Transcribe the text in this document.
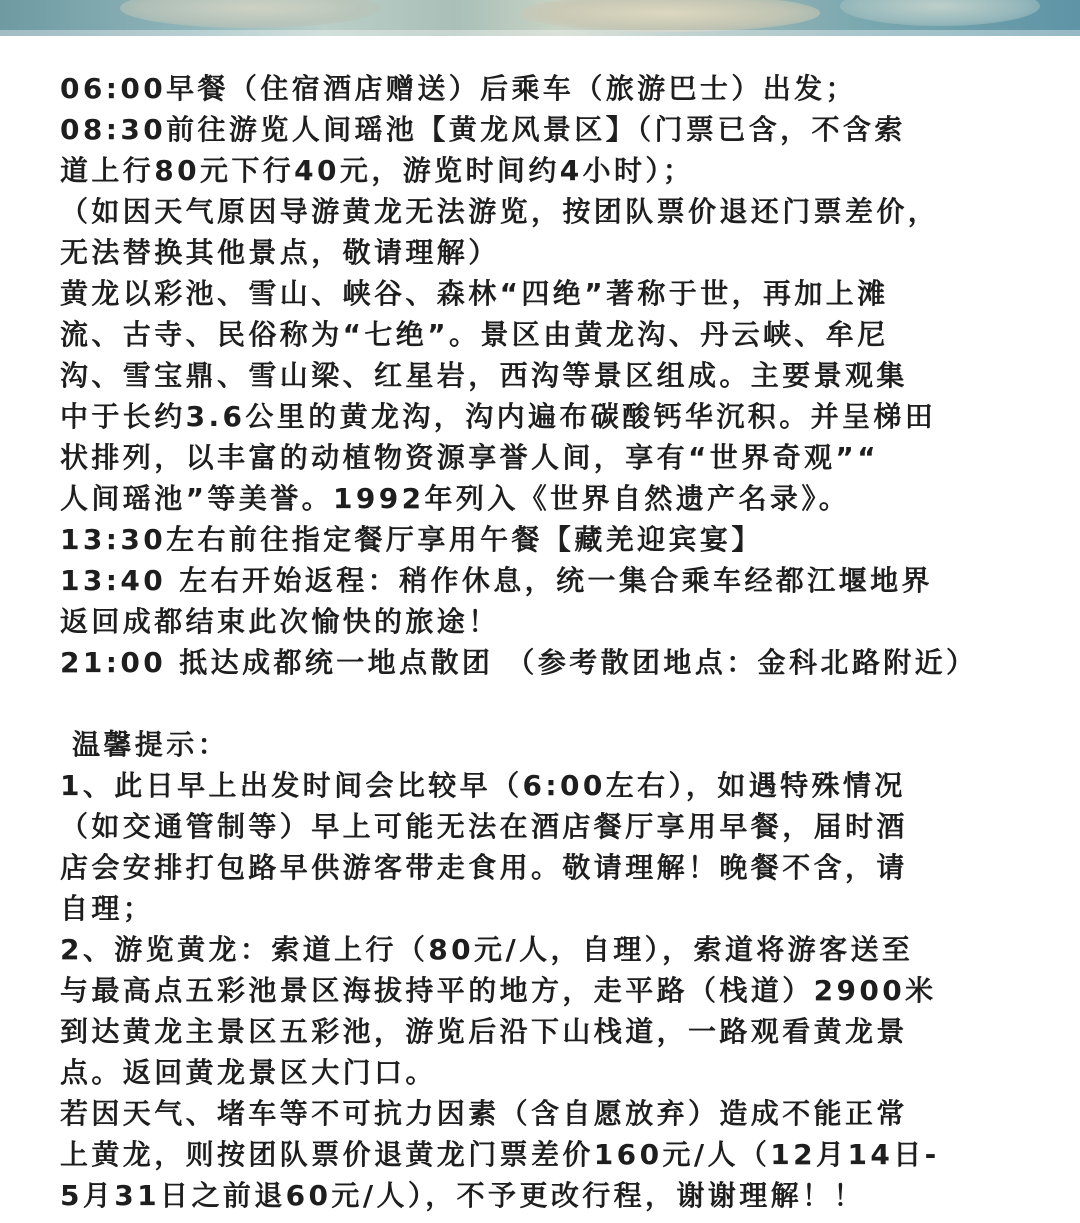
06:00早餐（住宿酒店赠送）后乘车（旅游巴士）出发；
08:30前往游览人间瑶池【黄龙风景区】（门票已含，不含索
道上行80元下行40元，游览时间约4小时）；
（如因天气原因导游黄龙无法游览，按团队票价退还门票差价，
无法替换其他景点，敬请理解）
黄龙以彩池、雪山、峡谷、森林“四绝”著称于世，再加上滩
流、古寺、民俗称为“七绝”。景区由黄龙沟、丹云峡、牟尼
沟、雪宝鼎、雪山梁、红星岩，西沟等景区组成。主要景观集
中于长约3.6公里的黄龙沟，沟内遍布碳酸钙华沉积。并呈梯田
状排列，以丰富的动植物资源享誉人间，享有“世界奇观”“
人间瑶池”等美誉。1992年列入《世界自然遗产名录》。
13:30左右前往指定餐厅享用午餐【藏羌迎宾宴】
13:40 左右开始返程：稍作休息，统一集合乘车经都江堰地界
返回成都结束此次愉快的旅途！
21:00 抵达成都统一地点散团 （参考散团地点：金科北路附近）
温馨提示：
1、此日早上出发时间会比较早（6:00左右），如遇特殊情况
（如交通管制等）早上可能无法在酒店餐厅享用早餐，届时酒
店会安排打包路早供游客带走食用。敬请理解！晚餐不含，请
自理；
2、游览黄龙：索道上行（80元/人，自理），索道将游客送至
与最高点五彩池景区海拔持平的地方，走平路（栈道）2900米
到达黄龙主景区五彩池，游览后沿下山栈道，一路观看黄龙景
点。返回黄龙景区大门口。
若因天气、堵车等不可抗力因素（含自愿放弃）造成不能正常
上黄龙，则按团队票价退黄龙门票差价160元/人（12月14日-
5月31日之前退60元/人），不予更改行程，谢谢理解！！
